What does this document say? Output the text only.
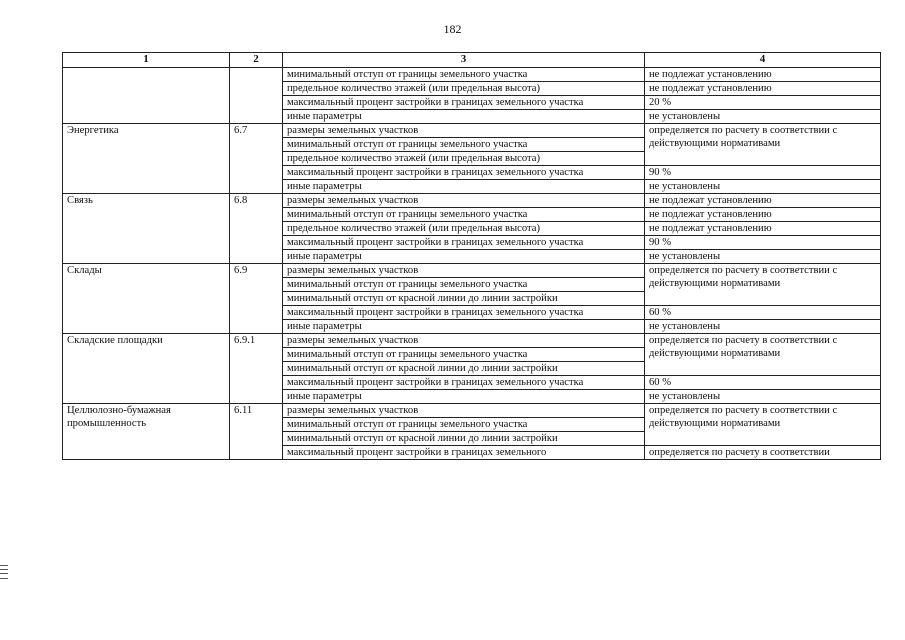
182
1	2	3	4
		минимальный отступ от границы земельного участка	не подлежат установлению
		предельное количество этажей (или предельная высота)	не подлежат установлению
		максимальный процент застройки в границах земельного участка	20 %
		иные параметры	не установлены
Энергетика	6.7	размеры земельных участков	определяется по расчету в соответствии с действующими нормативами
		минимальный отступ от границы земельного участка	
		предельное количество этажей (или предельная высота)	
		максимальный процент застройки в границах земельного участка	90 %
		иные параметры	не установлены
Связь	6.8	размеры земельных участков	не подлежат установлению
		минимальный отступ от границы земельного участка	не подлежат установлению
		предельное количество этажей (или предельная высота)	не подлежат установлению
		максимальный процент застройки в границах земельного участка	90 %
		иные параметры	не установлены
Склады	6.9	размеры земельных участков	определяется по расчету в соответствии с действующими нормативами
		минимальный отступ от границы земельного участка	
		минимальный отступ от красной линии до линии застройки	
		максимальный процент застройки в границах земельного участка	60 %
		иные параметры	не установлены
Складские площадки	6.9.1	размеры земельных участков	определяется по расчету в соответствии с действующими нормативами
		минимальный отступ от границы земельного участка	
		минимальный отступ от красной линии до линии застройки	
		максимальный процент застройки в границах земельного участка	60 %
		иные параметры	не установлены
Целлюлозно-бумажная промышленность	6.11	размеры земельных участков	определяется по расчету в соответствии с действующими нормативами
		минимальный отступ от границы земельного участка	
		минимальный отступ от красной линии до линии застройки	
		максимальный процент застройки в границах земельного	определяется по расчету в соответствии
